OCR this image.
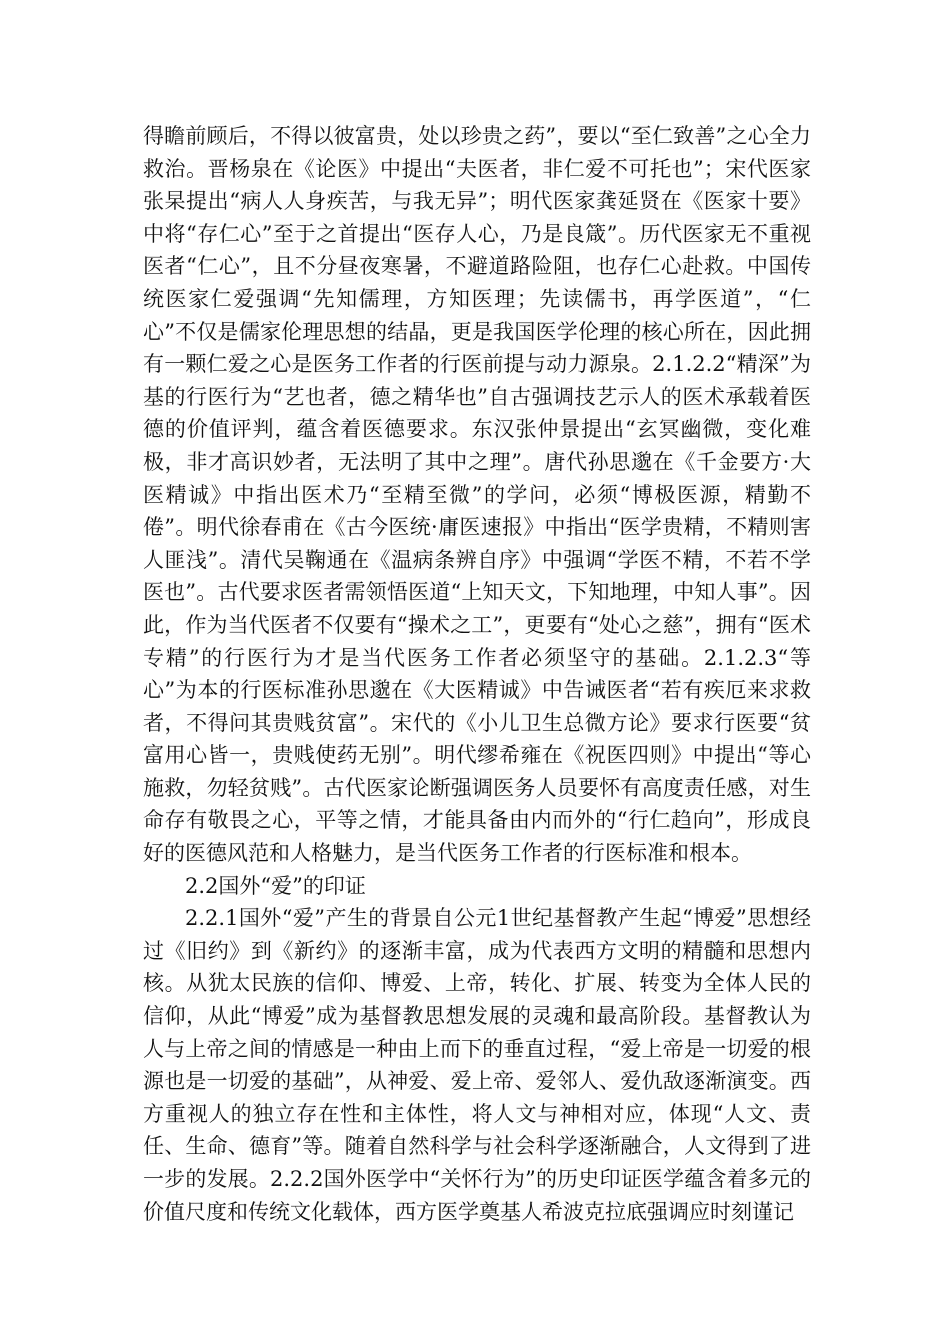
得瞻前顾后，不得以彼富贵，处以珍贵之药”，要以“至仁致善”之心全力救治。晋杨泉在《论医》中提出“夫医者，非仁爱不可托也”；宋代医家张杲提出“病人人身疾苦，与我无异”；明代医家龚延贤在《医家十要》中将“存仁心”至于之首提出“医存人心，乃是良箴”。历代医家无不重视医者“仁心”，且不分昼夜寒暑，不避道路险阻，也存仁心赴救。中国传统医家仁爱强调“先知儒理，方知医理；先读儒书，再学医道”，“仁心”不仅是儒家伦理思想的结晶，更是我国医学伦理的核心所在，因此拥有一颗仁爱之心是医务工作者的行医前提与动力源泉。2.1.2.2“精深”为基的行医行为“艺也者，德之精华也”自古强调技艺示人的医术承载着医德的价值评判，蕴含着医德要求。东汉张仲景提出“玄冥幽微，变化难极，非才高识妙者，无法明了其中之理”。唐代孙思邈在《千金要方·大医精诚》中指出医术乃“至精至微”的学问，必须“博极医源，精勤不倦”。明代徐春甫在《古今医统·庸医速报》中指出“医学贵精，不精则害人匪浅”。清代吴鞠通在《温病条辨自序》中强调“学医不精，不若不学医也”。古代要求医者需领悟医道“上知天文，下知地理，中知人事”。因此，作为当代医者不仅要有“操术之工”，更要有“处心之慈”，拥有“医术专精”的行医行为才是当代医务工作者必须坚守的基础。2.1.2.3“等心”为本的行医标准孙思邈在《大医精诚》中告诫医者“若有疾厄来求救者，不得问其贵贱贫富”。宋代的《小儿卫生总微方论》要求行医要“贫富用心皆一，贵贱使药无别”。明代缪希雍在《祝医四则》中提出“等心施救，勿轻贫贱”。古代医家论断强调医务人员要怀有高度责任感，对生命存有敬畏之心，平等之情，才能具备由内而外的“行仁趋向”，形成良好的医德风范和人格魅力，是当代医务工作者的行医标准和根本。

2.2国外“爱”的印证

2.2.1国外“爱”产生的背景自公元1世纪基督教产生起“博爱”思想经过《旧约》到《新约》的逐渐丰富，成为代表西方文明的精髓和思想内核。从犹太民族的信仰、博爱、上帝，转化、扩展、转变为全体人民的信仰，从此“博爱”成为基督教思想发展的灵魂和最高阶段。基督教认为人与上帝之间的情感是一种由上而下的垂直过程，“爱上帝是一切爱的根源也是一切爱的基础”，从神爱、爱上帝、爱邻人、爱仇敌逐渐演变。西方重视人的独立存在性和主体性，将人文与神相对应，体现“人文、责任、生命、德育”等。随着自然科学与社会科学逐渐融合，人文得到了进一步的发展。2.2.2国外医学中“关怀行为”的历史印证医学蕴含着多元的价值尺度和传统文化载体，西方医学奠基人希波克拉底强调应时刻谨记
